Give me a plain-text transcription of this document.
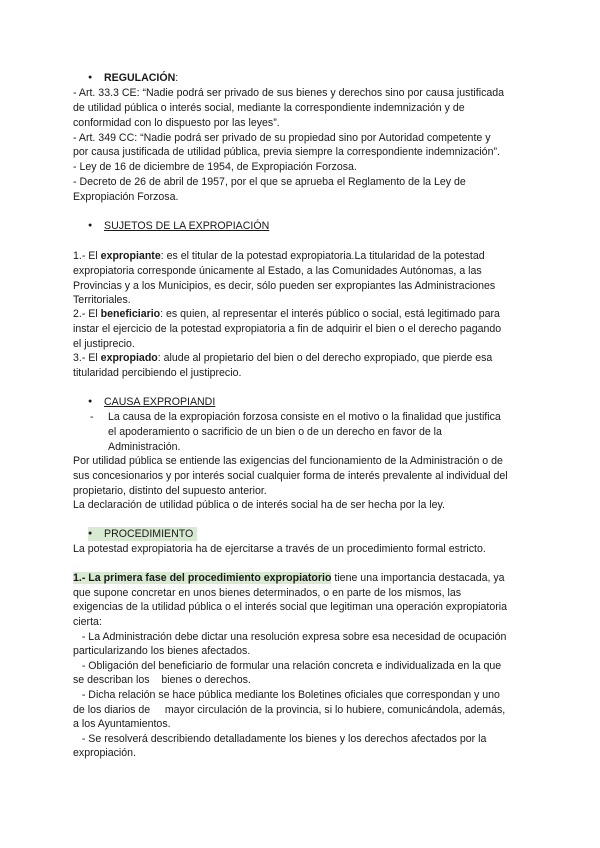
● REGULACIÓN:
- Art. 33.3 CE: “Nadie podrá ser privado de sus bienes y derechos sino por causa justificada
de utilidad pública o interés social, mediante la correspondiente indemnización y de
conformidad con lo dispuesto por las leyes”.
- Art. 349 CC: “Nadie podrá ser privado de su propiedad sino por Autoridad competente y
por causa justificada de utilidad pública, previa siempre la correspondiente indemnización”.
- Ley de 16 de diciembre de 1954, de Expropiación Forzosa.
- Decreto de 26 de abril de 1957, por el que se aprueba el Reglamento de la Ley de
Expropiación Forzosa.
● SUJETOS DE LA EXPROPIACIÓN
1.- El expropiante: es el titular de la potestad expropiatoria.La titularidad de la potestad
expropiatoria corresponde únicamente al Estado, a las Comunidades Autónomas, a las
Provincias y a los Municipios, es decir, sólo pueden ser expropiantes las Administraciones
Territoriales.
2.- El beneficiario: es quien, al representar el interés público o social, está legitimado para
instar el ejercicio de la potestad expropiatoria a fin de adquirir el bien o el derecho pagando
el justiprecio.
3.- El expropiado: alude al propietario del bien o del derecho expropiado, que pierde esa
titularidad percibiendo el justiprecio.
● CAUSA EXPROPIANDI
- La causa de la expropiación forzosa consiste en el motivo o la finalidad que justifica
el apoderamiento o sacrificio de un bien o de un derecho en favor de la
Administración.
Por utilidad pública se entiende las exigencias del funcionamiento de la Administración o de
sus concesionarios y por interés social cualquier forma de interés prevalente al individual del
propietario, distinto del supuesto anterior.
La declaración de utilidad pública o de interés social ha de ser hecha por la ley.
● PROCEDIMIENTO
La potestad expropiatoria ha de ejercitarse a través de un procedimiento formal estricto.
1.- La primera fase del procedimiento expropiatorio tiene una importancia destacada, ya
que supone concretar en unos bienes determinados, o en parte de los mismos, las
exigencias de la utilidad pública o el interés social que legitiman una operación expropiatoria
cierta:
- La Administración debe dictar una resolución expresa sobre esa necesidad de ocupación
particularizando los bienes afectados.
- Obligación del beneficiario de formular una relación concreta e individualizada en la que
se describan los    bienes o derechos.
- Dicha relación se hace pública mediante los Boletines oficiales que correspondan y uno
de los diarios de     mayor circulación de la provincia, si lo hubiere, comunicándola, además,
a los Ayuntamientos.
- Se resolverá describiendo detalladamente los bienes y los derechos afectados por la
expropiación.
